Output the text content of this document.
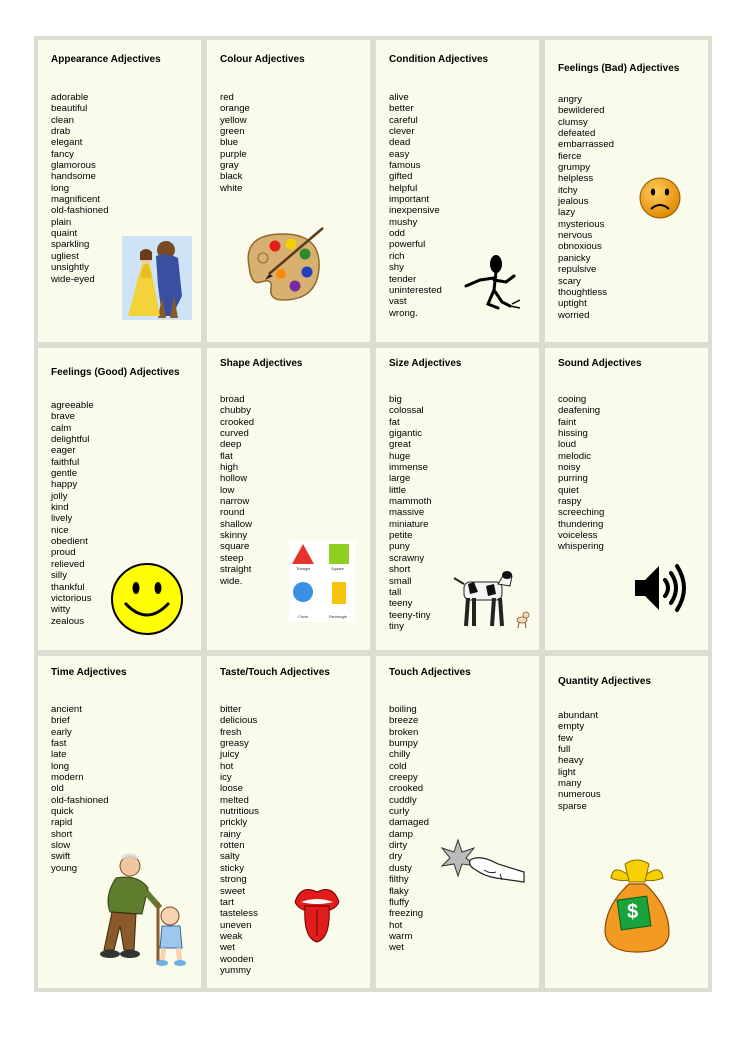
Appearance Adjectives
adorable
beautiful
clean
drab
elegant
fancy
glamorous
handsome
long
magnificent
old-fashioned
plain
quaint
sparkling
ugliest
unsightly
wide-eyed
Colour Adjectives
red
orange
yellow
green
blue
purple
gray
black
white
Condition Adjectives
alive
better
careful
clever
dead
easy
famous
gifted
helpful
important
inexpensive
mushy
odd
powerful
rich
shy
tender
uninterested
vast
wrong.
Feelings (Bad) Adjectives
angry
bewildered
clumsy
defeated
embarrassed
fierce
grumpy
helpless
itchy
jealous
lazy
mysterious
nervous
obnoxious
panicky
repulsive
scary
thoughtless
uptight
worried
Feelings (Good) Adjectives
agreeable
brave
calm
delightful
eager
faithful
gentle
happy
jolly
kind
lively
nice
obedient
proud
relieved
silly
thankful
victorious
witty
zealous
Shape Adjectives
broad
chubby
crooked
curved
deep
flat
high
hollow
low
narrow
round
shallow
skinny
square
steep
straight
wide.
Triangle	Square
Circle	Rectangle
Size Adjectives
big
colossal
fat
gigantic
great
huge
immense
large
little
mammoth
massive
miniature
petite
puny
scrawny
short
small
tall
teeny
teeny-tiny
tiny
Sound Adjectives
cooing
deafening
faint
hissing
loud
melodic
noisy
purring
quiet
raspy
screeching
thundering
voiceless
whispering
Time Adjectives
ancient
brief
early
fast
late
long
modern
old
old-fashioned
quick
rapid
short
slow
swift
young
Taste/Touch Adjectives
bitter
delicious
fresh
greasy
juicy
hot
icy
loose
melted
nutritious
prickly
rainy
rotten
salty
sticky
strong
sweet
tart
tasteless
uneven
weak
wet
wooden
yummy
Touch Adjectives
boiling
breeze
broken
bumpy
chilly
cold
creepy
crooked
cuddly
curly
damaged
damp
dirty
dry
dusty
filthy
flaky
fluffy
freezing
hot
warm
wet
Quantity Adjectives
abundant
empty
few
full
heavy
light
many
numerous
sparse
$
